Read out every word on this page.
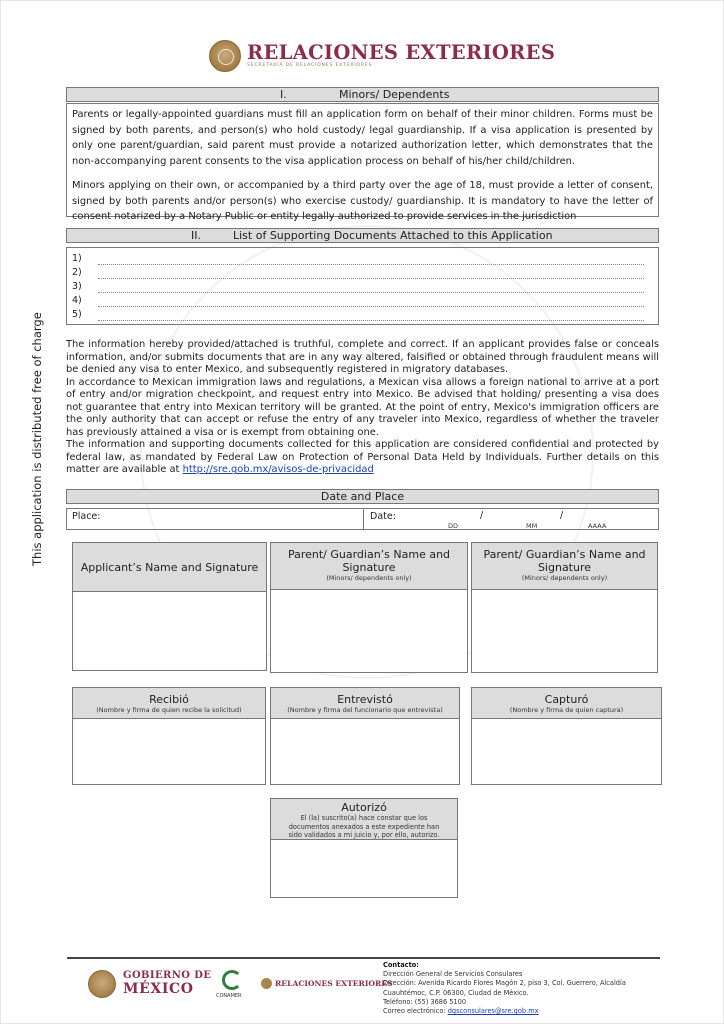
RELACIONES EXTERIORES
SECRETARÍA DE RELACIONES EXTERIORES
This application is distributed free of charge
I.	Minors/ Dependents
Parents or legally-appointed guardians must fill an application form on behalf of their minor children. Forms must be signed by both parents, and person(s) who hold custody/ legal guardianship. If a visa application is presented by only one parent/guardian, said parent must provide a notarized authorization letter, which demonstrates that the non-accompanying parent consents to the visa application process on behalf of his/her child/children.
Minors applying on their own, or accompanied by a third party over the age of 18, must provide a letter of consent, signed by both parents and/or person(s) who exercise custody/ guardianship. It is mandatory to have the letter of consent notarized by a Notary Public or entity legally authorized to provide services in the jurisdiction
II.	List of Supporting Documents Attached to this Application
1)
2)
3)
4)
5)

The information hereby provided/attached is truthful, complete and correct. If an applicant provides false or conceals information, and/or submits documents that are in any way altered, falsified or obtained through fraudulent means will be denied any visa to enter Mexico, and subsequently registered in migratory databases.

In accordance to Mexican immigration laws and regulations, a Mexican visa allows a foreign national to arrive at a port of entry and/or migration checkpoint, and request entry into Mexico. Be advised that holding/ presenting a visa does not guarantee that entry into Mexican territory will be granted. At the point of entry, Mexico's immigration officers are the only authority that can accept or refuse the entry of any traveler into Mexico, regardless of whether the traveler has previously attained a visa or is exempt from obtaining one.

The information and supporting documents collected for this application are considered confidential and protected by federal law, as mandated by Federal Law on Protection of Personal Data Held by Individuals. Further details on this matter are available at http://sre.gob.mx/avisos-de-privacidad

Date and Place
Place:	Date:	/	/
DD	MM	AAAA
Applicant’s Name and Signature
Parent/ Guardian’s Name and Signature
(Minors/ dependents only)
Parent/ Guardian’s Name and Signature
(Minors/ dependents only)
Recibió
(Nombre y firma de quien recibe la solicitud)
Entrevistó
(Nombre y firma del funcionario que entrevista)
Capturó
(Nombre y firma de quien captura)
Autorizó
El (la) suscrito(a) hace constar que los
documentos anexados a este expediente han
sido validados a mi juicio y, por ello, autorizo.
GOBIERNO DE
MÉXICO	CONAMER
RELACIONES EXTERIORES
Contacto:
Dirección General de Servicios Consulares
Dirección: Avenida Ricardo Flores Magón 2, piso 3, Col. Guerrero, Alcaldía
Cuauhtémoc, C.P. 06300, Ciudad de México.
Teléfono: (55) 3686 5100
Correo electrónico: dgsconsulares@sre.gob.mx
